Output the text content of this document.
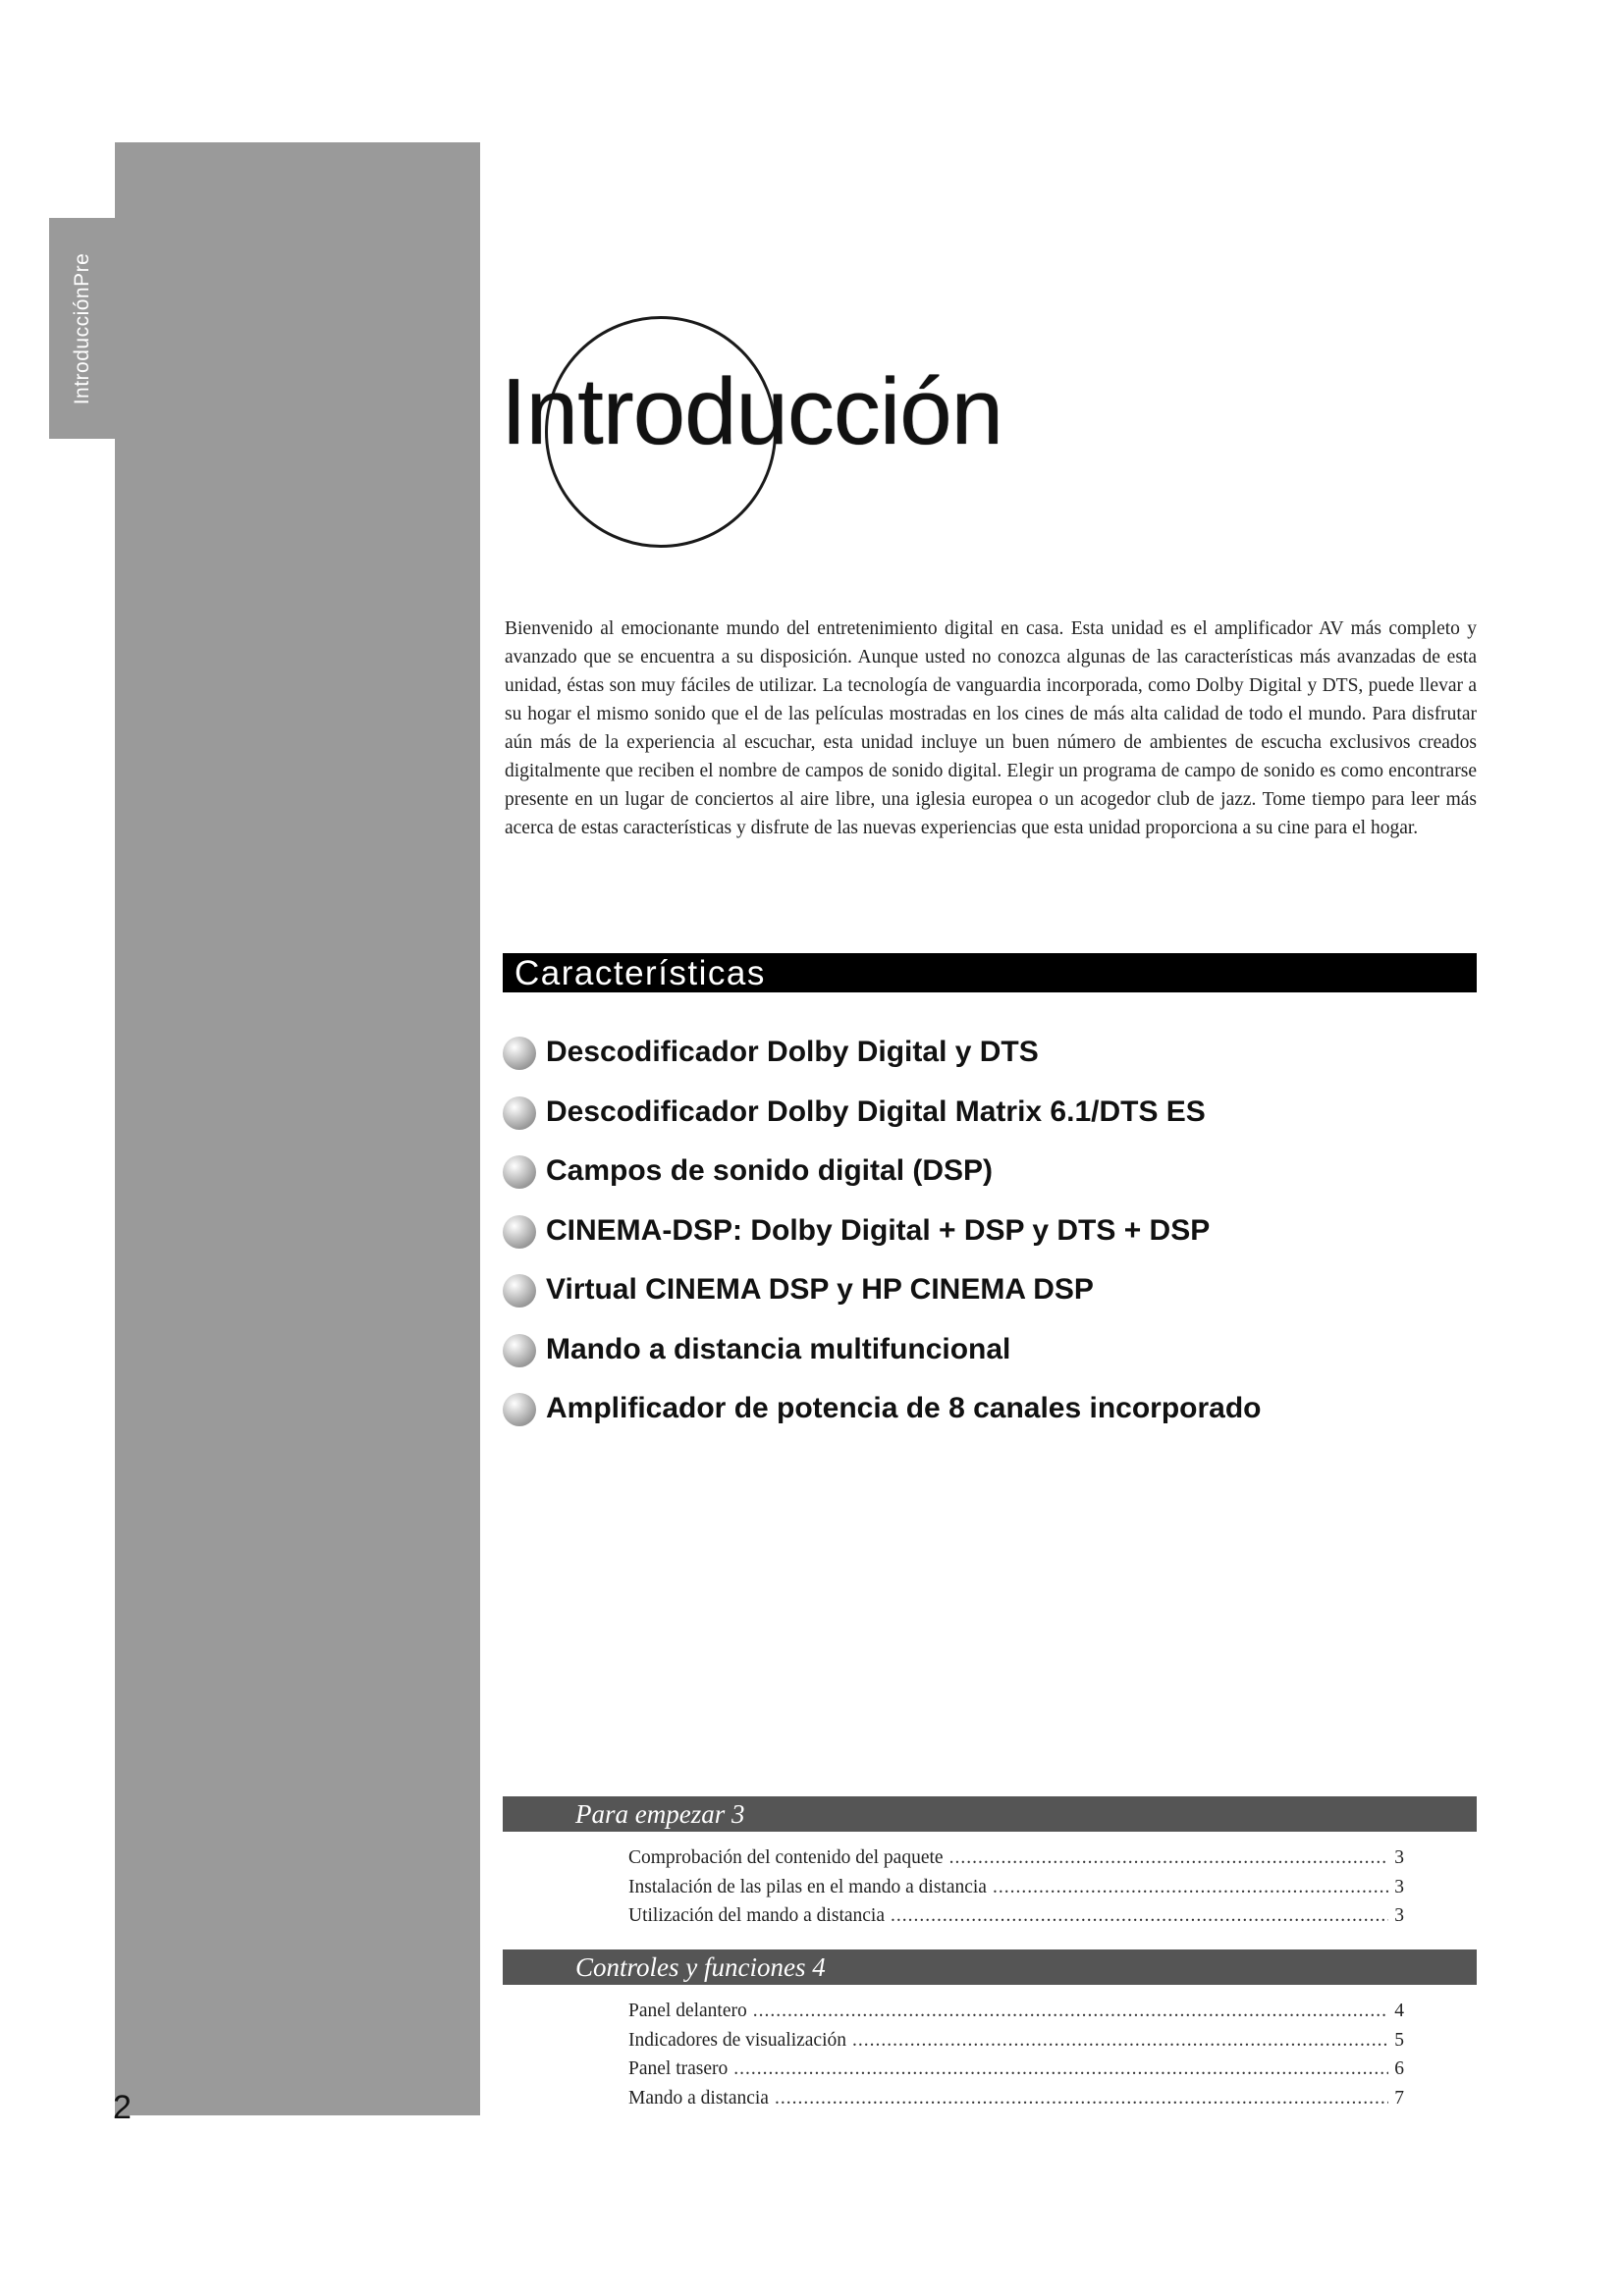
IntroducciónPre
Introducción

Bienvenido al emocionante mundo del entretenimiento digital en casa. Esta unidad es el amplificador AV más completo y avanzado que se encuentra a su disposición. Aunque usted no conozca algunas de las características más avanzadas de esta unidad, éstas son muy fáciles de utilizar. La tecnología de vanguardia incorporada, como Dolby Digital y DTS, puede llevar a su hogar el mismo sonido que el de las películas mostradas en los cines de más alta calidad de todo el mundo. Para disfrutar aún más de la experiencia al escuchar, esta unidad incluye un buen número de ambientes de escucha exclusivos creados digitalmente que reciben el nombre de campos de sonido digital. Elegir un programa de campo de sonido es como encontrarse presente en un lugar de conciertos al aire libre, una iglesia europea o un acogedor club de jazz. Tome tiempo para leer más acerca de estas características y disfrute de las nuevas experiencias que esta unidad proporciona a su cine para el hogar.

Características
Descodificador Dolby Digital y DTS
Descodificador Dolby Digital Matrix 6.1/DTS ES
Campos de sonido digital (DSP)
CINEMA-DSP: Dolby Digital + DSP y DTS + DSP
Virtual CINEMA DSP y HP CINEMA DSP
Mando a distancia multifuncional
Amplificador de potencia de 8 canales incorporado
Para empezar 3
Comprobación del contenido del paquete .....	3
Instalación de las pilas en el mando a distancia .....	3
Utilización del mando a distancia .....	3
Controles y funciones 4
Panel delantero .....	4
Indicadores de visualización .....	5
Panel trasero .....	6
Mando a distancia .....	7
2
